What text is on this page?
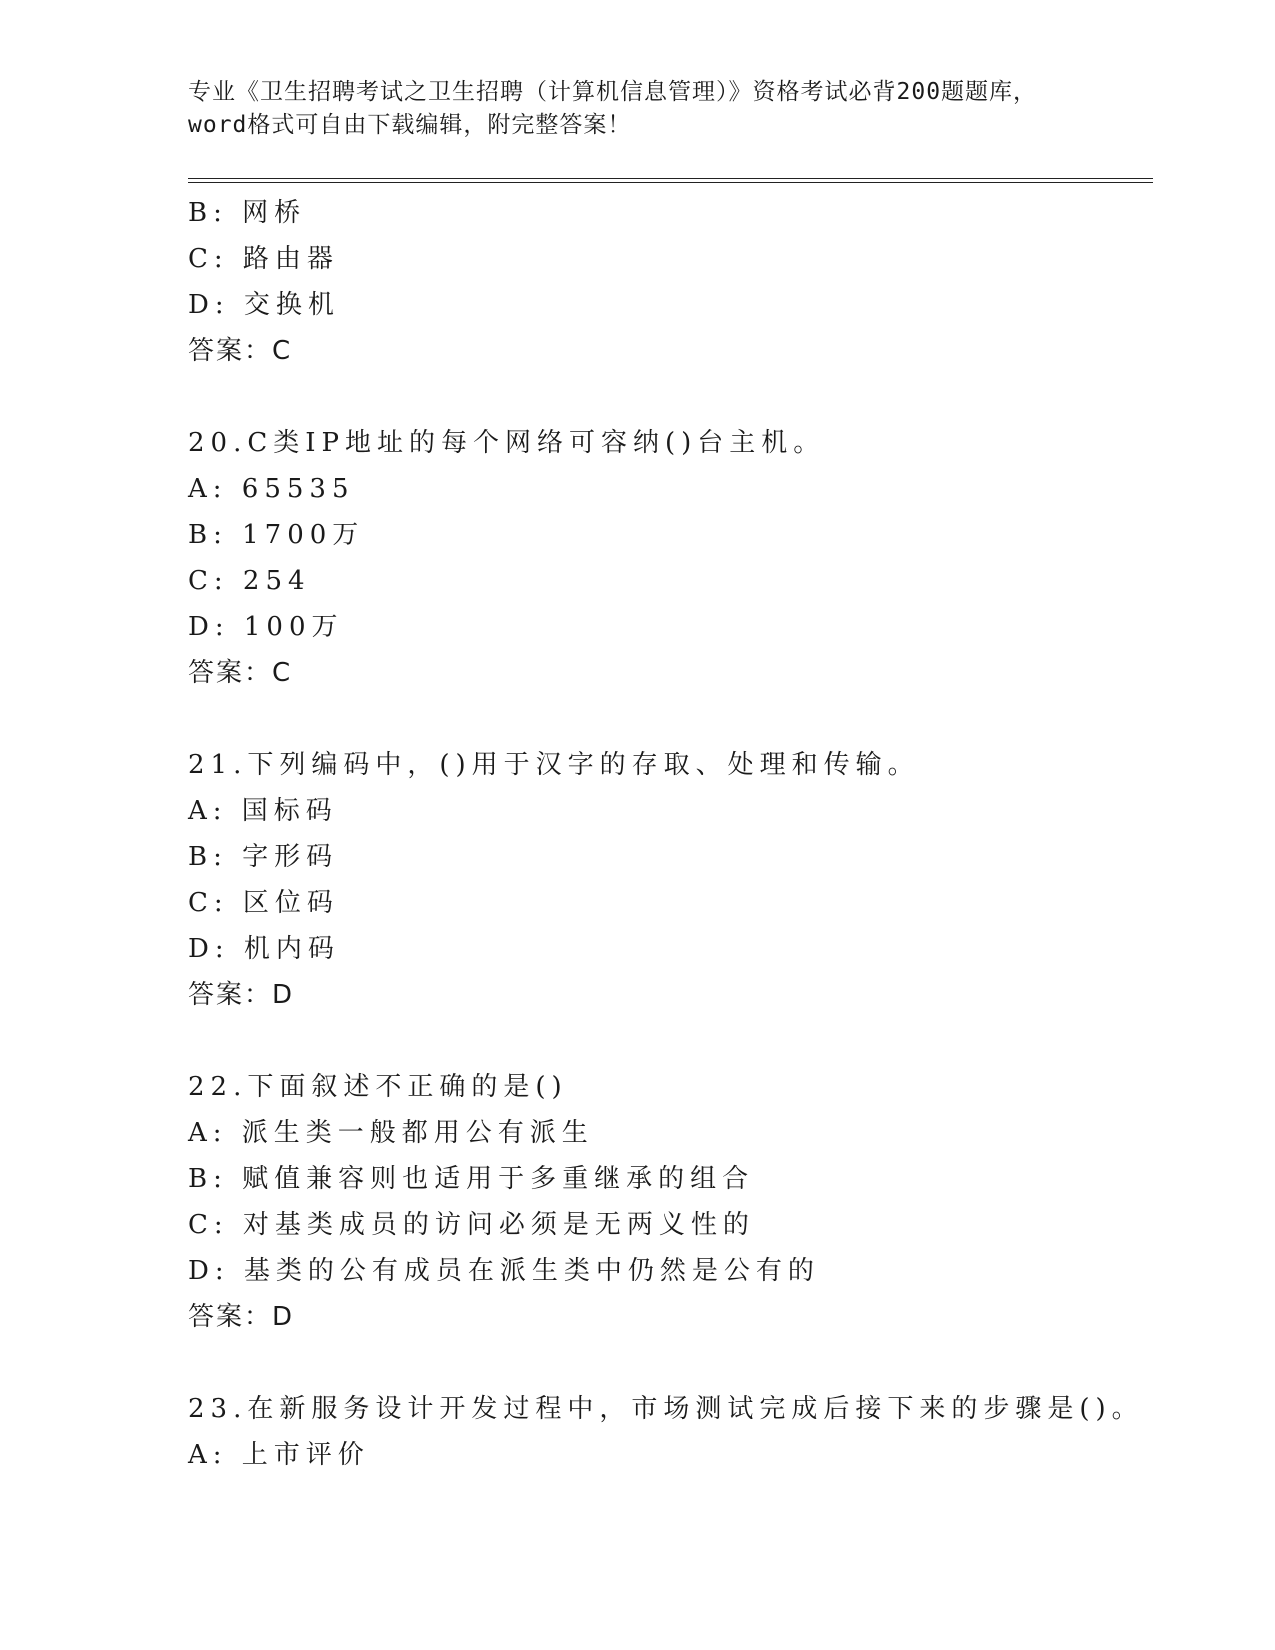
专业《卫生招聘考试之卫生招聘（计算机信息管理）》资格考试必背200题题库，
word格式可自由下载编辑，附完整答案！
B: 网桥
C: 路由器
D: 交换机
答案：C
20.C类IP地址的每个网络可容纳()台主机。
A: 65535
B: 1700万
C: 254
D: 100万
答案：C
21.下列编码中，()用于汉字的存取、处理和传输。
A: 国标码
B: 字形码
C: 区位码
D: 机内码
答案：D
22.下面叙述不正确的是()
A: 派生类一般都用公有派生
B: 赋值兼容则也适用于多重继承的组合
C: 对基类成员的访问必须是无两义性的
D: 基类的公有成员在派生类中仍然是公有的
答案：D
23.在新服务设计开发过程中，市场测试完成后接下来的步骤是()。
A: 上市评价
